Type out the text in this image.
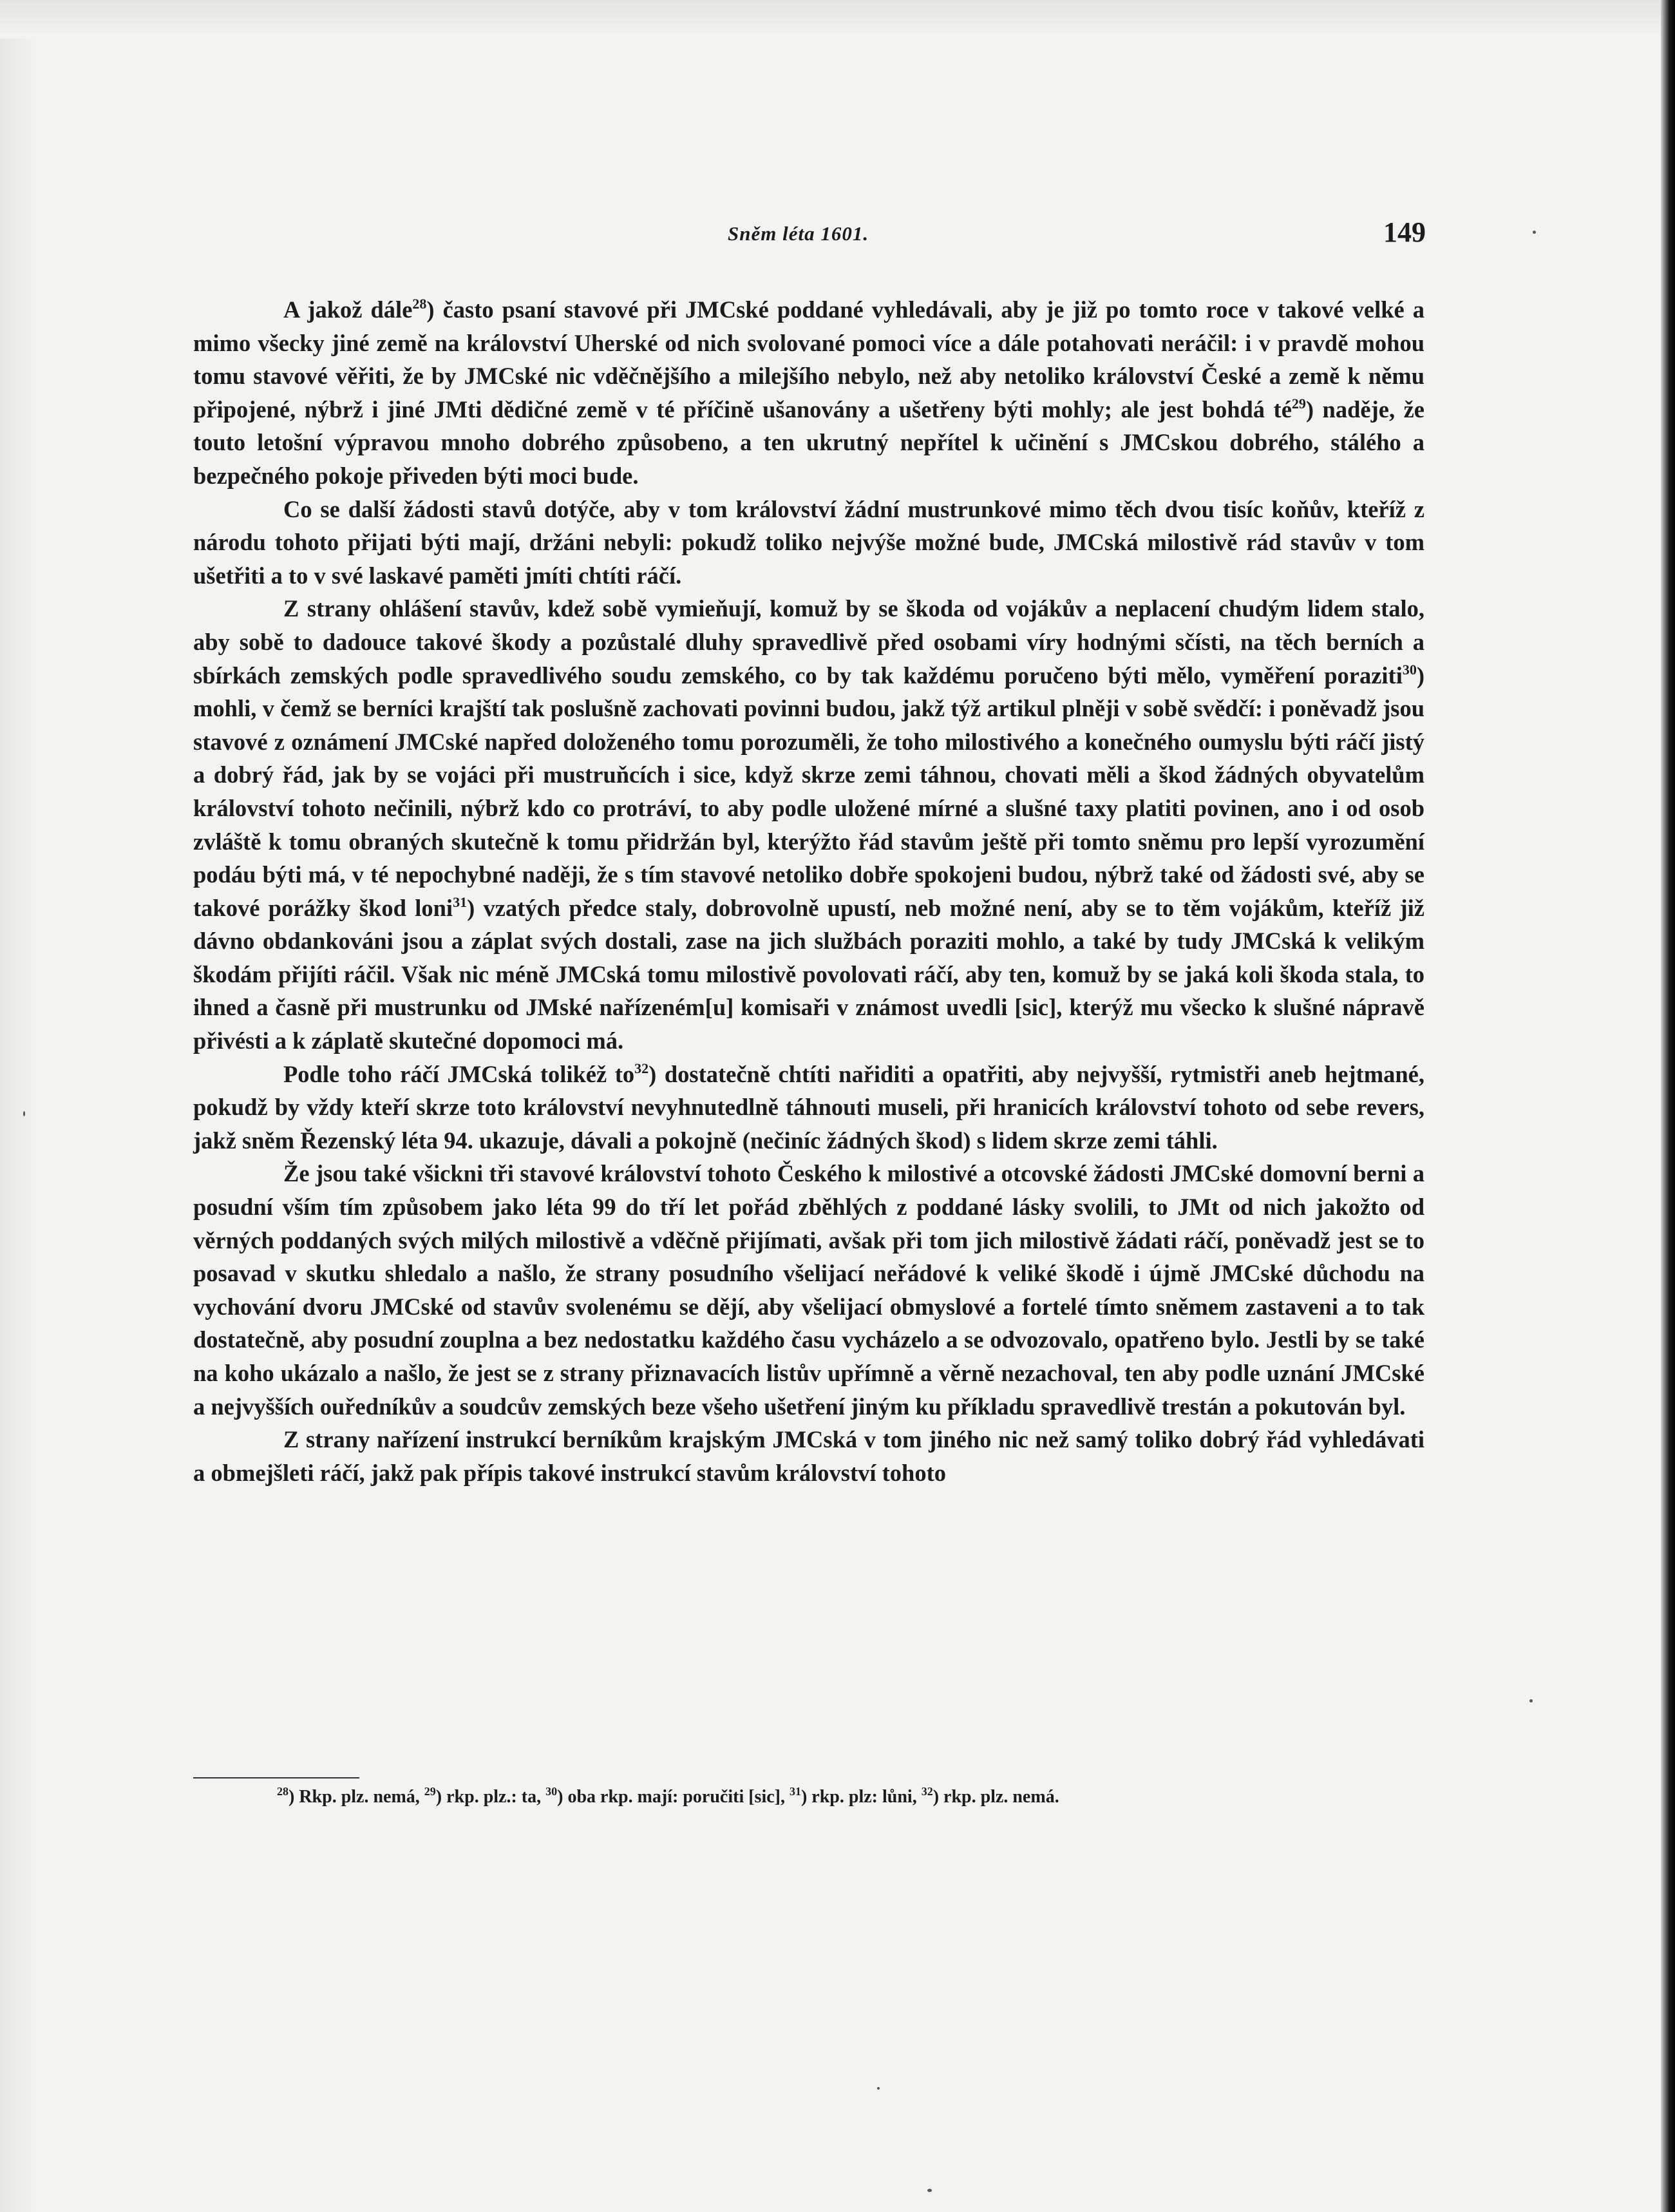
Sněm léta 1601.	149

A jakož dále$^{28}$) často psaní stavové při JMCské poddané vyhledávali, aby je již po tomto roce v takové velké a mimo všecky jiné země na království Uherské od nich svolované pomoci více a dále potahovati neráčil: i v pravdě mohou tomu stavové věřiti, že by JMCské nic vděčnějšího a milejšího nebylo, než aby netoliko království České a země k němu připojené, nýbrž i jiné JMti dědičné země v té příčině ušanovány a ušetřeny býti mohly; ale jest bohdá $té^{29}$) naděje, že touto letošní výpravou mnoho dobrého způsobeno, a ten ukrutný nepřítel k učinění s JMCskou dobrého, stálého a bezpečného pokoje přiveden býti moci bude.

Co se další žádosti stavů dotýče, aby v tom království žádní mustrunkové mimo těch dvou tisíc koňův, kteříž z národu tohoto přijati býti mají, držáni nebyli: pokudž toliko nejvýše možné bude, JMCská milostivě rád stavův v tom ušetřiti a to v své laskavé paměti jmíti chtíti ráčí.

Z strany ohlášení stavův, kdež sobě vymieňují, komuž by se škoda od vojákův a neplacení chudým lidem stalo, aby sobě to dadouce takové škody a pozůstalé dluhy spravedlivě před osobami víry hodnými sčísti, na těch berních a sbírkách zemských podle spravedlivého soudu zemského, co by tak každému poručeno býti mělo, vyměření poraziti$^{30}$) mohli, v čemž se berníci krajští tak poslušně zachovati povinni budou, jakž týž artikul plněji v sobě svědčí: i poněvadž jsou stavové z oznámení JMCské napřed doloženého tomu porozuměli, že toho milostivého a konečného oumyslu býti ráčí jistý a dobrý řád, jak by se vojáci při mustruňcích i sice, když skrze zemi táhnou, chovati měli a škod žádných obyvatelům království tohoto nečinili, nýbrž kdo co protráví, to aby podle uložené mírné a slušné taxy platiti povinen, ano i od osob zvláště k tomu obraných skutečně k tomu přidržán byl, kterýžto řád stavům ještě při tomto sněmu pro lepší vyrozumění podáu býti má, v té nepochybné naději, že s tím stavové netoliko dobře spokojeni budou, nýbrž také od žádosti své, aby se takové porážky škod loni$^{31}$) vzatých předce staly, dobrovolně upustí, neb možné není, aby se to těm vojákům, kteříž již dávno obdankováni jsou a záplat svých dostali, zase na jich službách poraziti mohlo, a také by tudy JMCská k velikým škodám přijíti ráčil. Však nic méně JMCská tomu milostivě povolovati ráčí, aby ten, komuž by se jaká koli škoda stala, to ihned a časně při mustrunku od JMské nařízeném[u] komisaři v známost uvedli [sic], kterýž mu všecko k slušné nápravě přivésti a k záplatě skutečné dopomoci má.

Podle toho ráčí JMCská tolikéž $to^{32}$) dostatečně chtíti nařiditi a opatřiti, aby nejvyšší, rytmistři aneb hejtmané, pokudž by vždy kteří skrze toto království nevyhnutedlně táhnouti museli, při hranicích království tohoto od sebe revers, jakž sněm Řezenský léta 94. ukazuje, dávali a pokojně (nečiníc žádných škod) s lidem skrze zemi táhli.

Že jsou také všickni tři stavové království tohoto Českého k milostivé a otcovské žádosti JMCské domovní berni a posudní vším tím způsobem jako léta 99 do tří let pořád zběhlých z poddané lásky svolili, to JMt od nich jakožto od věrných poddaných svých milých milostivě a vděčně přijímati, avšak při tom jich milostivě žádati ráčí, poněvadž jest se to posavad v skutku shledalo a našlo, že strany posudního všelijací neřádové k veliké škodě i újmě JMCské důchodu na vychování dvoru JMCské od stavův svolenému se dějí, aby všelijací obmyslové a fortelé tímto sněmem zastaveni a to tak dostatečně, aby posudní zouplna a bez nedostatku každého času vycházelo a se odvozovalo, opatřeno bylo. Jestli by se také na koho ukázalo a našlo, že jest se z strany přiznavacích listův upřímně a věrně nezachoval, ten aby podle uznání JMCské a nejvyšších ouředníkův a soudcův zemských beze všeho ušetření jiným ku příkladu spravedlivě trestán a pokutován byl.

Z strany nařízení instrukcí berníkům krajským JMCská v tom jiného nic než samý toliko dobrý řád vyhledávati a obmejšleti ráčí, jakž pak přípis takové instrukcí stavům království tohoto

$^{28}$) Rkp. plz. nemá, $^{29}$) rkp. plz.: ta, $^{30}$) oba rkp. mají: poručiti [sic], $^{31}$) rkp. plz: lůni, $^{32}$) rkp. plz. nemá.
